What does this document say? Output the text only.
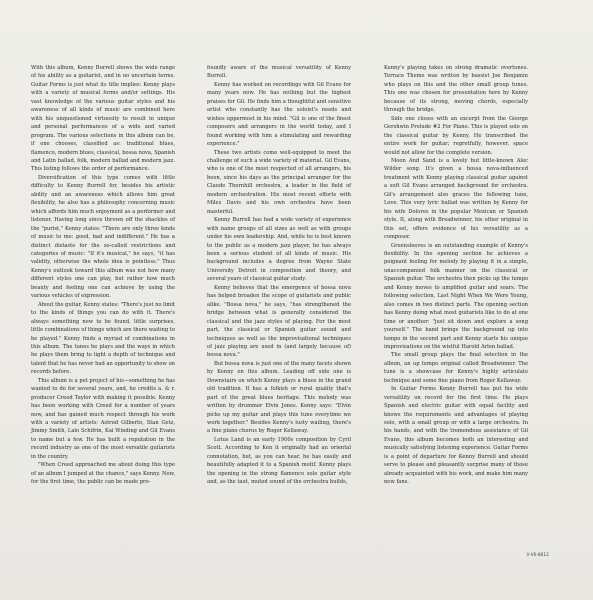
With this album, Kenny Burrell shows the wide range of his ability as a guitarist, and in no uncertain terms. Guitar Forms is just what its title implies: Kenny plays with a variety of musical forms and/or settings. His vast knowledge of the various guitar styles and his awareness of all kinds of music are combined here with his unquestioned virtuosity to result in unique and personal performances of a wide and varied program. The various selections in this album can be, if one chooses, classified as: traditional blues, flamenco, modern blues, classical, bossa nova, Spanish and Latin ballad, folk, modern ballad and modern jazz. This listing follows the order of performance.

Diversification of this type comes with little difficulty to Kenny Burrell for, besides his artistic ability and an awareness which allows him great flexibility, he also has a philosophy concerning music which affords him much enjoyment as a performer and listener. Having long since thrown off the shackles of the "purist," Kenny states: "There are only three kinds of music to me: good, bad and indifferent." He has a distinct distaste for the so-called restrictions and categories of music: "If it's musical," he says, "it has validity, otherwise the whole idea is pointless." Thus Kenny's outlook toward this album was not how many different styles one can play, but rather how much beauty and feeling one can achieve by using the various vehicles of expression.

About the guitar, Kenny states: "There's just no limit to the kinds of things you can do with it. There's always something new to be found, little surprises, little combinations of things which are there waiting to be played." Kenny finds a myriad of combinations in this album. The tunes he plays and the ways in which he plays them bring to light a depth of technique and talent that he has never had an opportunity to show on records before.

This album is a pet project of his—something he has wanted to do for several years, and, he credits a. & r. producer Creed Taylor with making it possible. Kenny has been working with Creed for a number of years now, and has gained much respect through his work with a variety of artists: Astrud Gilberto, Stan Getz, Jimmy Smith, Lalo Schifrin, Kai Winding and Gil Evans to name but a few. He has built a reputation in the record industry as one of the most versatile guitarists in the country.

"When Creed approached me about doing this type of an album I jumped at the chance," says Kenny. Now, for the first time, the public can be made pro-

foundly aware of the musical versatility of Kenny Burrell.

Kenny has worked on recordings with Gil Evans for many years now. He has nothing but the highest praises for Gil. He finds him a thoughtful and sensitive artist who constantly has the soloist's needs and wishes uppermost in his mind. "Gil is one of the finest composers and arrangers in the world today, and I found working with him a stimulating and rewarding experience."

These two artists come well-equipped to meet the challenge of such a wide variety of material. Gil Evans, who is one of the most respected of all arrangers, his been, since his days as the principal arranger for the Claude Thornhill orchestra, a leader in the field of modern orchestration. His most recent efforts with Miles Davis and his own orchestra have been masterful.

Kenny Burrell has had a wide variety of experience with name groups of all sizes as well as with groups under his own leadership. And, while he is best known to the public as a modern jazz player, he has always been a serious student of all kinds of music. His background includes a degree from Wayne State University Detroit in composition and theory, and several years of classical guitar study.

Kenny believes that the emergence of bossa nova has helped broaden the scope of guitarists and public alike. "Bossa nova," he says, "has strengthened the bridge between what is generally considered the classical and the jazz styles of playing. For the most part, the classical or Spanish guitar sound and techniques as well as the improvisational techniques of jazz playing are used in (and largely because of) bossa nova."

But bossa nova is just one of the many facets shown by Kenny on this album. Leading off side one is Downstairs on which Kenny plays a blues in the grand old tradition. It has a folkish or rural quality that's part of the great blues heritage. This melody was written by drummer Elvin Jones. Kenny says: "Elvin picks up my guitar and plays this tune everytime we work together." Besides Kenny's lusty wailing, there's a fine piano chorus by Roger Kellaway.

Lotus Land is an early 1900s composition by Cyril Scott. According to Ken it originally had an oriental connotation, but, as you can hear, he has easily and beautifully adapted it to a Spanish motif. Kenny plays the opening in the strong flamenco solo guitar style and, as the taut, muted sound of the orchestra builds,

Kenny's playing takes on strong dramatic overtones. Terrace Theme was written by bassist Joe Benjamin who plays on this and the other small group tunes. This one was chosen for presentation here by Kenny because of its strong, moving chords, especially through the bridge.

Side one closes with an excerpt from the George Gershwin Prelude #2 For Piano. This is played solo on the classical guitar by Kenny. He transcribed the entire work for guitar; regretfully, however, space would not allow for the complete version.

Moon And Sand is a lovely but little-known Alec Wilder song. It's given a bossa nova-influenced treatment with Kenny playing classical guitar against a soft Gil Evans arranged background for orchestra. Gil's arrangement also graces the following tune, Love. This very lyric ballad was written by Kenny for his wife Dolores in the popular Mexican or Spanish style. It, along with Breadwinner, his other original in this set, offers evidence of his versatility as a composer.

Greensleeves is an outstanding example of Kenny's flexibility. In the opening section he achieves a poignant feeling for melody by playing it in a simple, unaccompanied folk manner on the classical or Spanish guitar. The orchestra then picks up the tempo and Kenny moves to amplified guitar and soars. The following selection, Last Night When We Were Young, also comes in two distinct parts. The opening section has Kenny doing what most guitarists like to do at one time or another: "just sit down and explore a song yourself." The band brings the background up into tempo in the second part and Kenny starts his unique improvisations on the wistful Harold Arlen ballad.

The small group plays the final selection in the album, an up tempo original called Breadwinner. The tune is a showcase for Kenny's highly articulate technique and some fine piano from Roger Kellaway.

In Guitar Forms Kenny Burrell has put his wide versatility on record for the first time. He plays Spanish and electric guitar with equal facility and knows the requirements and advantages of playing solo, with a small group or with a large orchestra. In his hands, and with the tremendous assistance of Gil Evans, this album becomes both an interesting and musically satisfying listening experience. Guitar Forms is a point of departure for Kenny Burrell and should serve to please and pleasantly surprise many of those already acquainted with his work, and make him many new fans.

V-V6-8612
